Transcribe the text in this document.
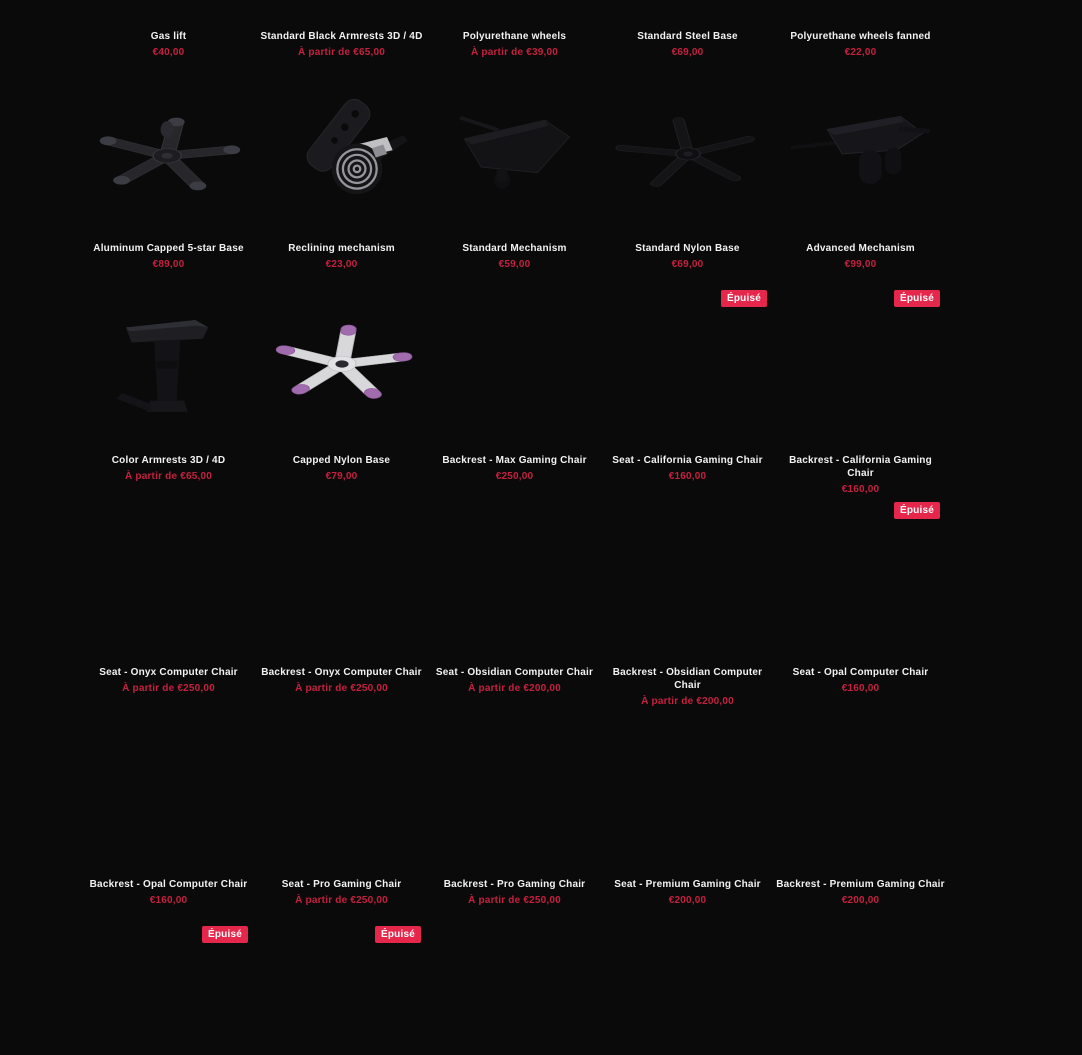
Gas lift
€40,00
Standard Black Armrests 3D / 4D
À partir de €65,00
Polyurethane wheels
À partir de €39,00
Standard Steel Base
€69,00
Polyurethane wheels fanned
€22,00
Aluminum Capped 5-star Base
€89,00
Reclining mechanism
€23,00
Standard Mechanism
€59,00
Standard Nylon Base
€69,00
Advanced Mechanism
€99,00
Color Armrests 3D / 4D
À partir de €65,00
Capped Nylon Base
€79,00
Backrest - Max Gaming Chair
€250,00
Épuisé
Seat - California Gaming Chair
€160,00
Épuisé
Backrest - California Gaming Chair
€160,00
Seat - Onyx Computer Chair
À partir de €250,00
Backrest - Onyx Computer Chair
À partir de €250,00
Seat - Obsidian Computer Chair
À partir de €200,00
Backrest - Obsidian Computer Chair
À partir de €200,00
Épuisé
Seat - Opal Computer Chair
€160,00
Backrest - Opal Computer Chair
€160,00
Seat - Pro Gaming Chair
À partir de €250,00
Backrest - Pro Gaming Chair
À partir de €250,00
Seat - Premium Gaming Chair
€200,00
Backrest - Premium Gaming Chair
€200,00
Épuisé	Épuisé
